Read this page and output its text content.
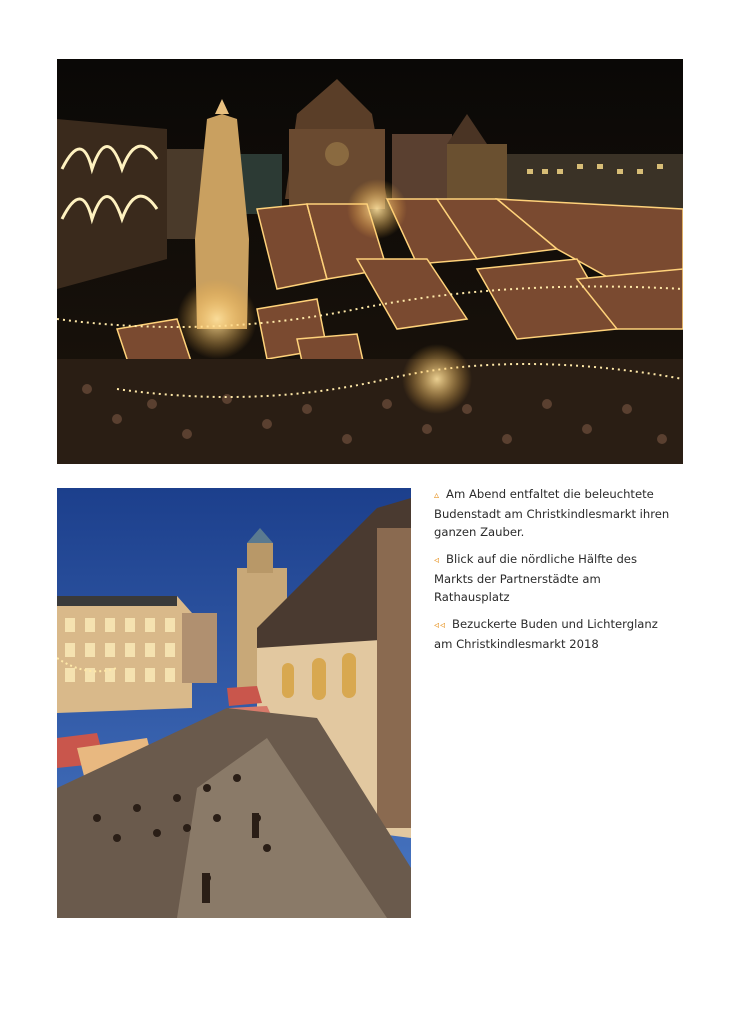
▵ Am Abend entfaltet die beleuchtete Budenstadt am Christkindlesmarkt ihren ganzen Zauber.

◃ Blick auf die nördliche Hälfte des Markts der Partnerstädte am Rathausplatz

◃◃ Bezuckerte Buden und Lichterglanz am Christkindlesmarkt 2018
